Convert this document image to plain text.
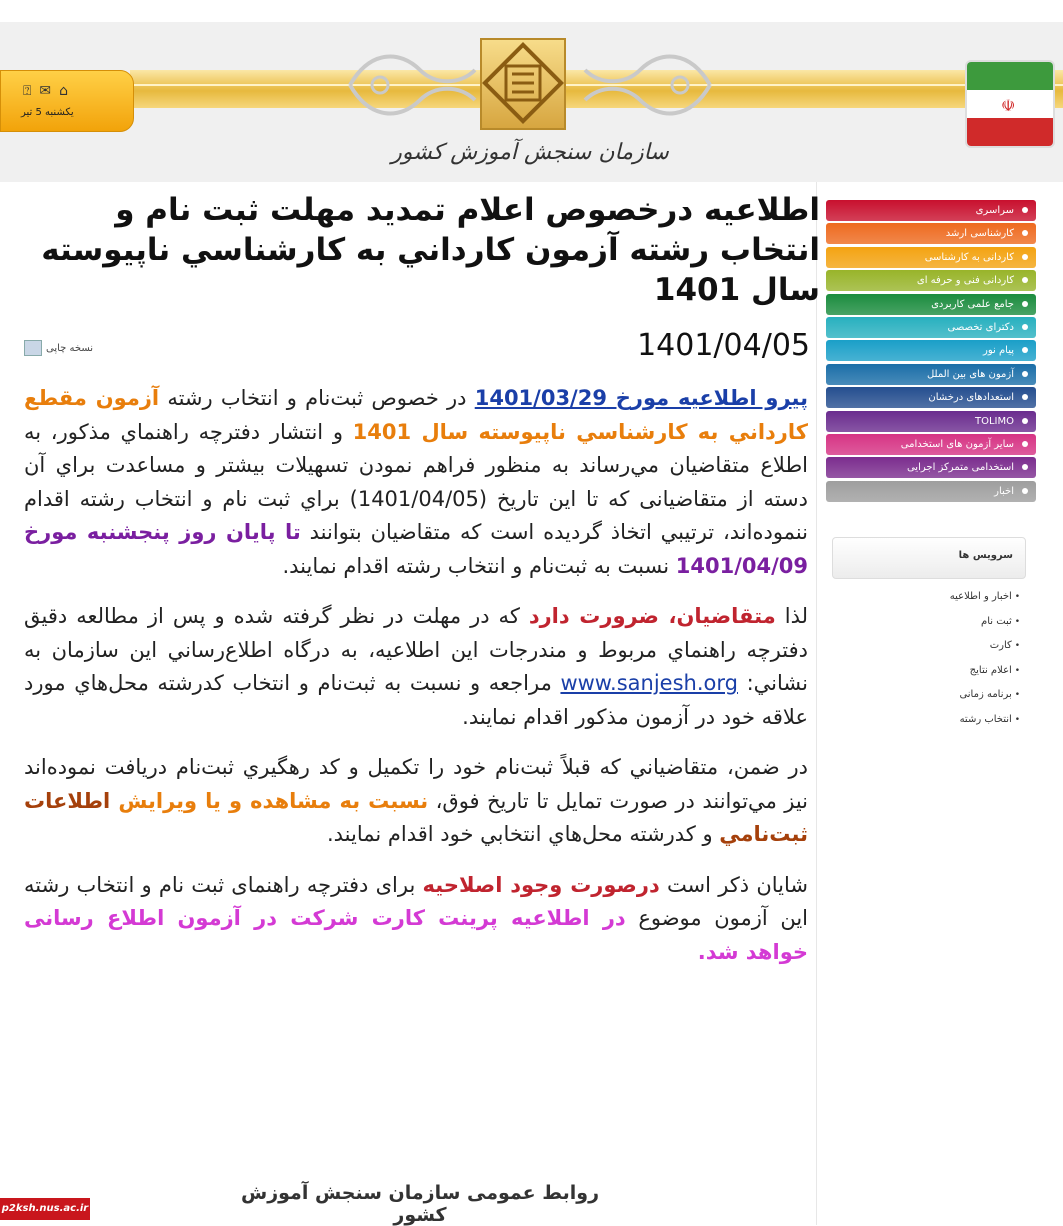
سازمان سنجش آموزش کشور
⍰✉⌂
یکشنبه 5 تیر	☫
اطلاعیه درخصوص اعلام تمدید مهلت ثبت نام و انتخاب رشته آزمون كارداني به كارشناسي ناپيوسته سال 1401
1401/04/05
نسخه چاپی

پیرو اطلاعیه مورخ 1401/03/29 در خصوص ثبت‌نام و انتخاب رشته آزمون مقطع كارداني به كارشناسي ناپيوسته سال 1401 و انتشار دفترچه راهنماي مذكور، به اطلاع متقاضيان مي‌رساند به منظور فراهم نمودن تسهیلات بيشتر و مساعدت براي آن دسته از متقاضيانی كه تا اين تاريخ (1401/04/05) براي ثبت نام و انتخاب رشته اقدام ننموده‌اند، ترتيبي اتخاذ گرديده است كه متقاضيان بتوانند تا پايان روز پنجشنبه مورخ 1401/04/09 نسبت به ثبت‌نام و انتخاب رشته اقدام نمايند.

لذا متقاضيان، ضرورت دارد كه در مهلت در نظر گرفته شده و پس از مطالعه دقيق دفترچه راهنماي مربوط و مندرجات اين اطلاعيه، به درگاه اطلاع‌رساني اين سازمان به نشاني: www.sanjesh.org مراجعه و نسبت به ثبت‌نام و انتخاب كدرشته محل‌هاي مورد علاقه خود در آزمون مذكور اقدام نمايند.

در ضمن، متقاضياني كه قبلاً ثبت‌نام خود را تكميل و كد رهگيري ثبت‌نام دريافت نموده‌اند نيز مي‌توانند در صورت تمايل تا تاريخ فوق، نسبت به مشاهده و يا ويرايش اطلاعات ثبت‌نامي و كدرشته محل‌هاي انتخابي خود اقدام نمايند.

شایان ذکر است درصورت وجود اصلاحیه برای دفترچه راهنمای ثبت نام و انتخاب رشته این آزمون موضوع در اطلاعیه پرینت کارت شرکت در آزمون اطلاع رسانی خواهد شد.

روابط عمومی سازمان سنجش آموزش کشور
p2ksh.nus.ac.ir
سراسری
کارشناسی ارشد
کاردانی به کارشناسی
کاردانی فنی و حرفه ای
جامع علمی کاربردی
دکترای تخصصی
پیام نور
آزمون های بین الملل
استعدادهای درخشان
TOLIMO
سایر آزمون های استخدامی
استخدامی متمرکز اجرایی
اخبار
سرویس ها
• اخبار و اطلاعیه
• ثبت نام
• کارت
• اعلام نتایج
• برنامه زمانی
• انتخاب رشته
